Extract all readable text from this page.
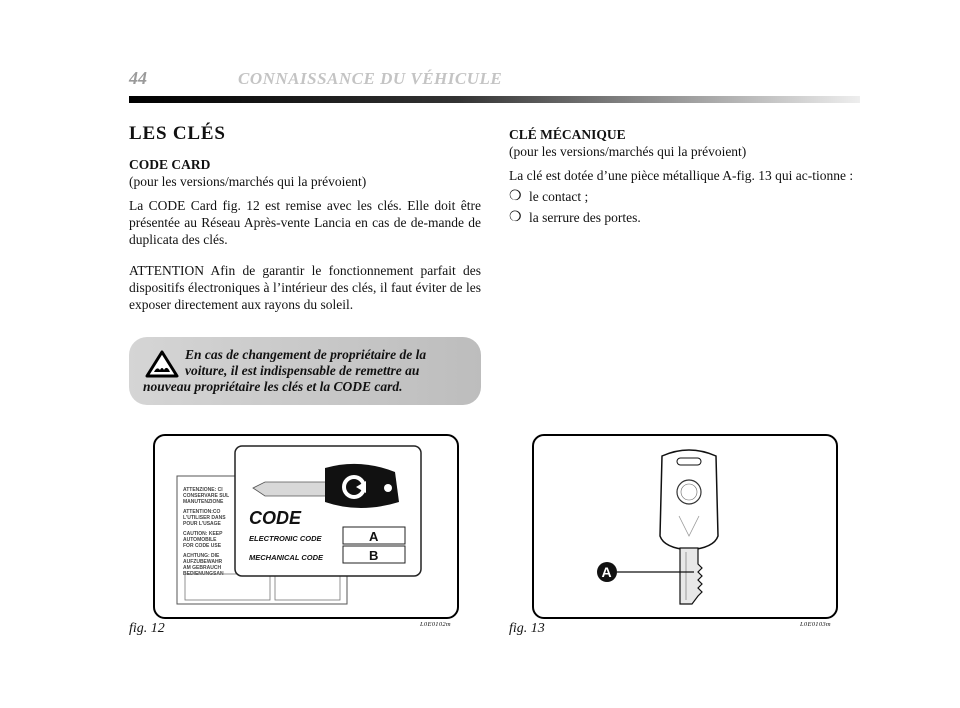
44	CONNAISSANCE DU VÉHICULE
LES CLÉS

CODE CARD

(pour les versions/marchés qui la prévoient)

La CODE Card fig. 12 est remise avec les clés. Elle doit être présentée au Réseau Après-vente Lancia en cas de de-mande de duplicata des clés.

ATTENTION Afin de garantir le fonctionnement parfait des dispositifs électroniques à l’intérieur des clés, il faut éviter de les exposer directement aux rayons du soleil.

En cas de changement de propriétaire de la
voiture, il est indispensable de remettre au
nouveau propriétaire les clés et la CODE card.

CLÉ MÉCANIQUE

(pour les versions/marchés qui la prévoient)

La clé est dotée d’une pièce métallique A-fig. 13 qui ac-tionne :

❍ le contact ;
❍ la serrure des portes.
ATTENZIONE: CI
CONSERVARE SUL
MANUTENZIONE
ATTENTION:CO
L'UTILISER DANS
POUR L'USAGE
CAUTION: KEEP
AUTOMOBILE
FOR CODE USE
ACHTUNG: DIE
AUFZUBEWAHR
AM GEBRAUCH
BEDIENUNGSAN
CODE
ELECTRONIC CODE	A
MECHANICAL CODE	B
fig. 12	L0E0102m
A
fig. 13	L0E0103m
